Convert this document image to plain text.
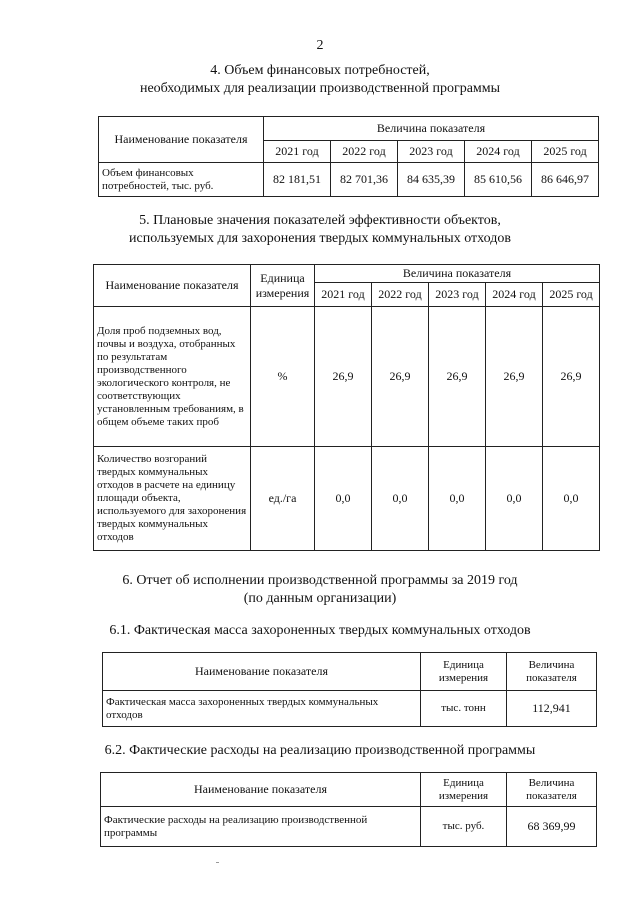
2
4. Объем финансовых потребностей,
необходимых для реализации производственной программы
Наименование показателя	Величина показателя				
	2021 год	2022 год	2023 год	2024 год	2025 год
Объем финансовых потребностей, тыс. руб.	82 181,51	82 701,36	84 635,39	85 610,56	86 646,97
5. Плановые значения показателей эффективности объектов,
используемых для захоронения твердых коммунальных отходов
Наименование показателя	Единица измерения	Величина показателя				
		2021 год	2022 год	2023 год	2024 год	2025 год
Доля проб подземных вод, почвы и воздуха, отобранных по результатам производственного экологического контроля, не соответствующих установленным требованиям, в общем объеме таких проб	%	26,9	26,9	26,9	26,9	26,9
Количество возгораний твердых коммунальных отходов в расчете на единицу площади объекта, используемого для захоронения твердых коммунальных отходов	ед./га	0,0	0,0	0,0	0,0	0,0
6. Отчет об исполнении производственной программы за 2019 год
(по данным организации)
6.1. Фактическая масса захороненных твердых коммунальных отходов
Наименование показателя	Единица измерения	Величина показателя
Фактическая масса захороненных твердых коммунальных отходов	тыс. тонн	112,941
6.2. Фактические расходы на реализацию производственной программы
Наименование показателя	Единица измерения	Величина показателя
Фактические расходы на реализацию производственной программы	тыс. руб.	68 369,99
